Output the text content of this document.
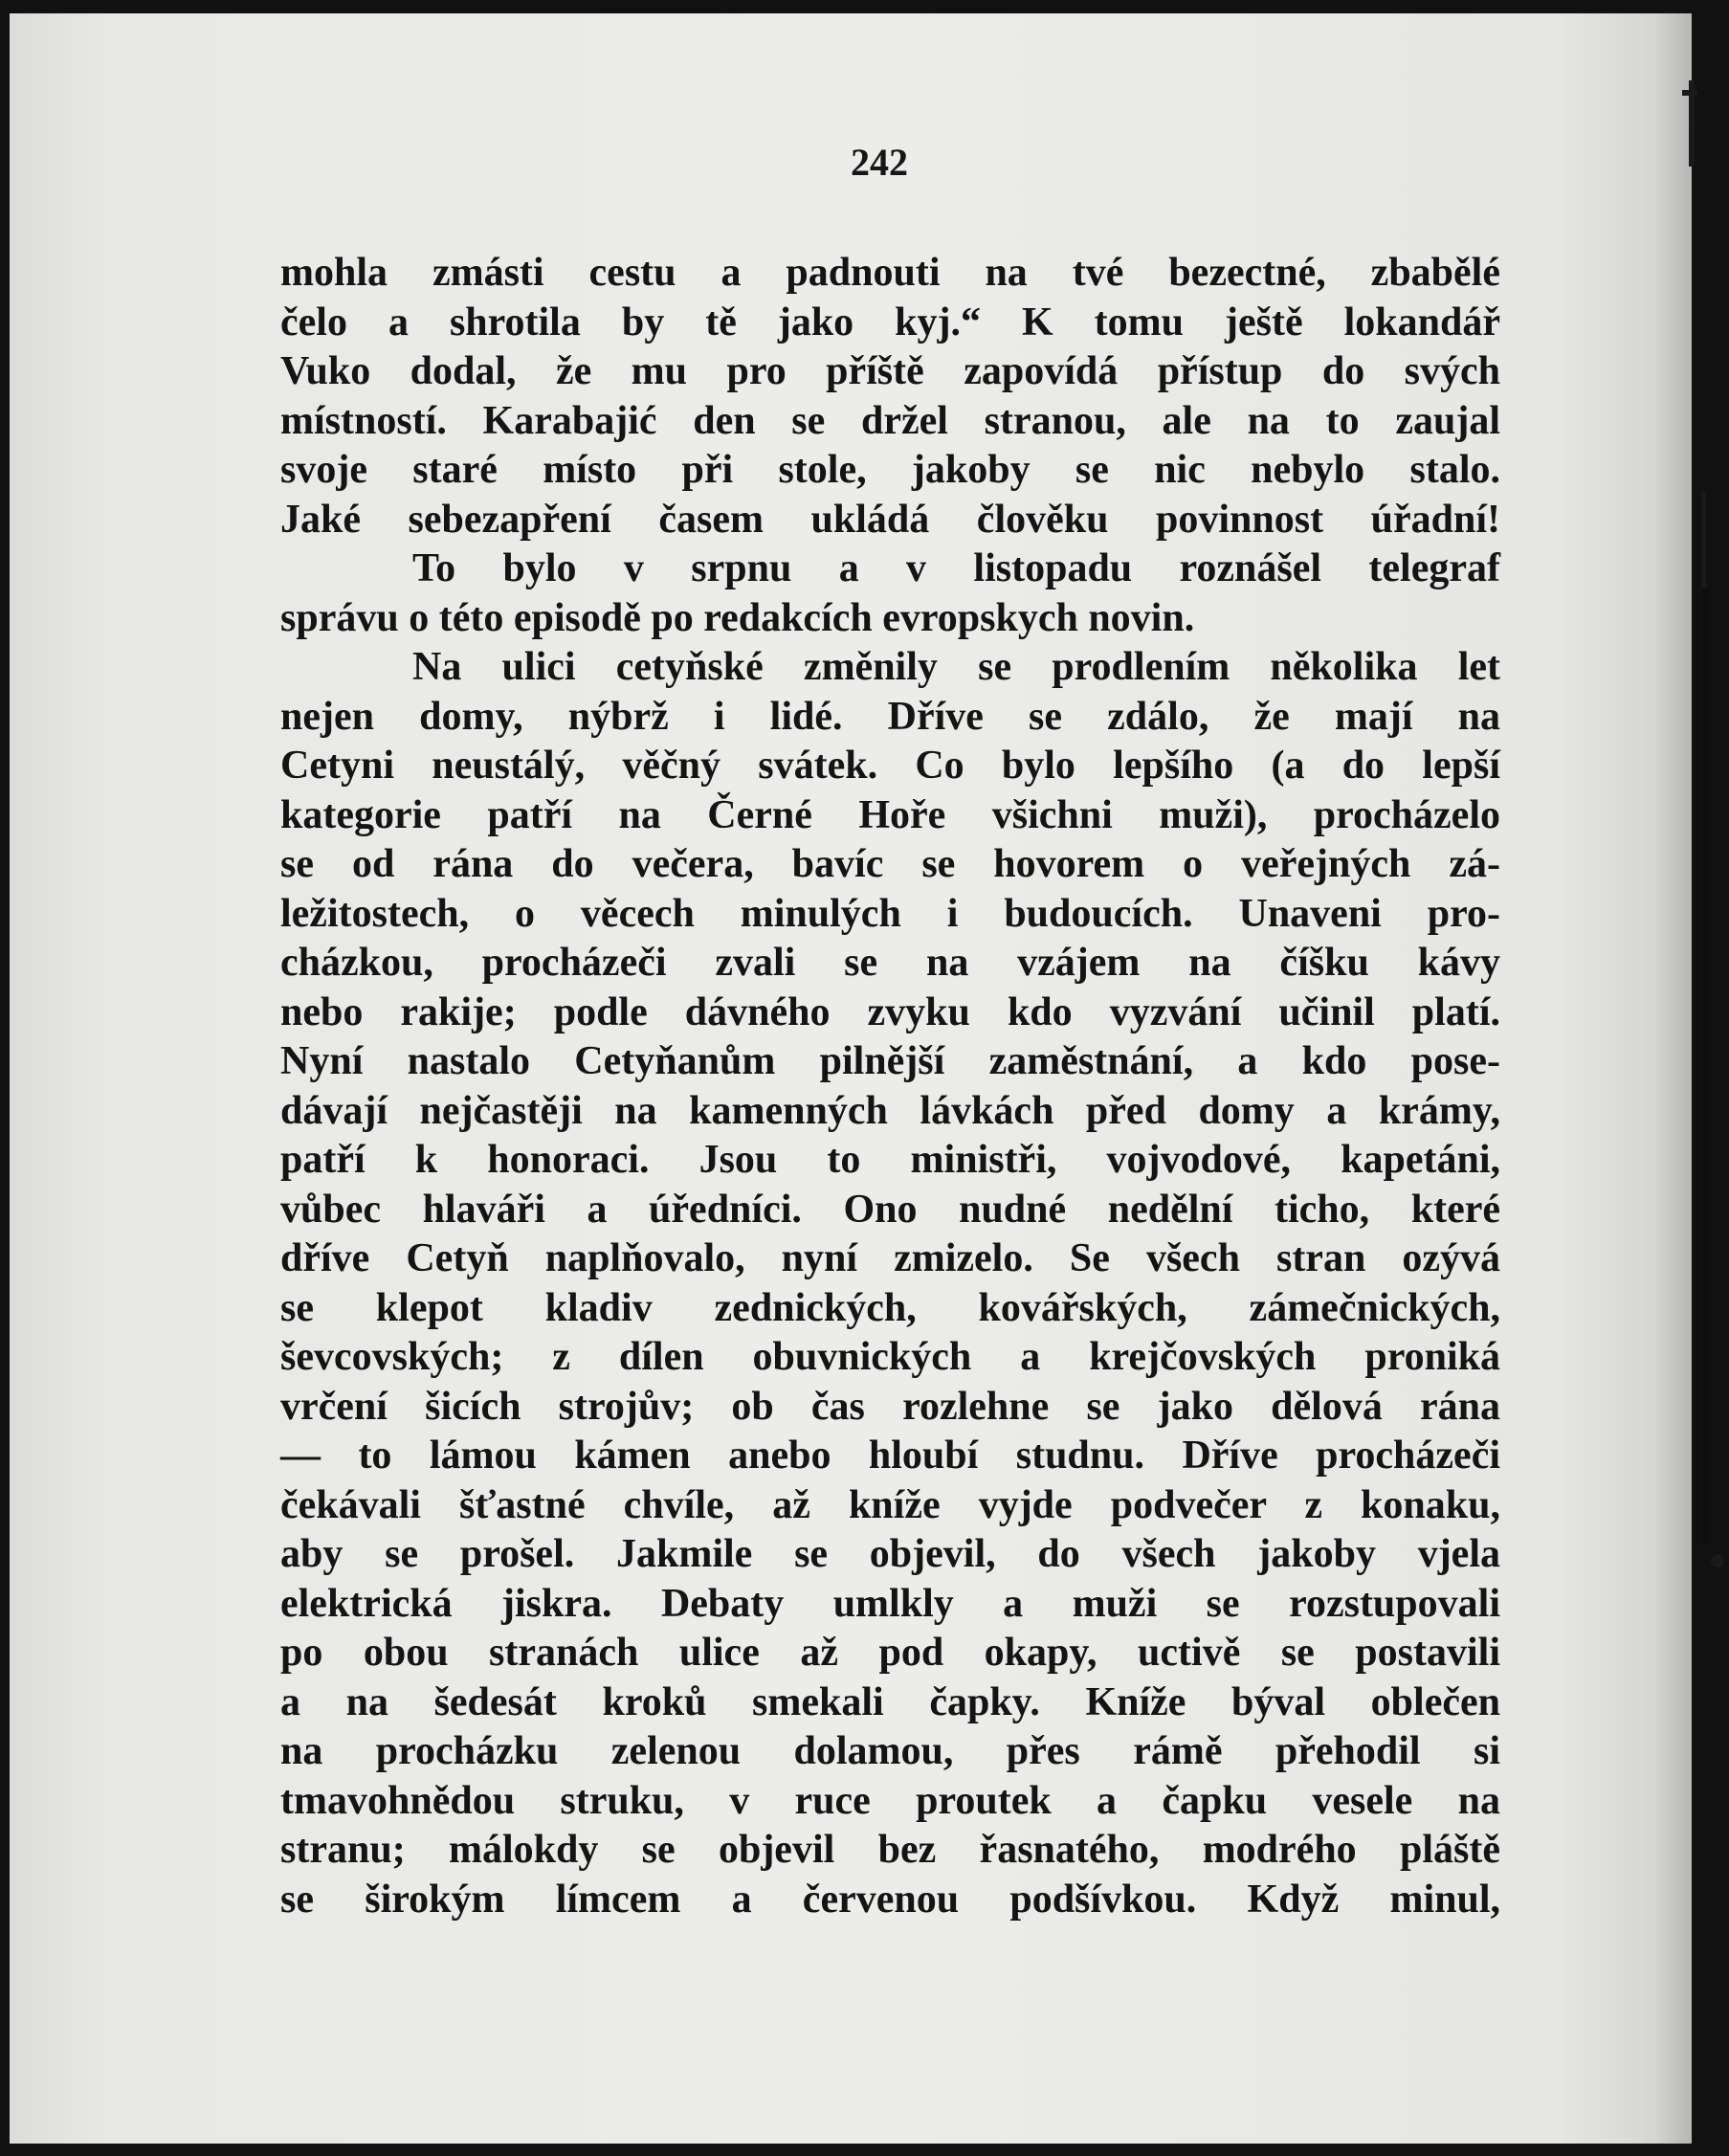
242
mohla zmásti cestu a padnouti na tvé bezectné, zbabělé
čelo a shrotila by tě jako kyj.“ K tomu ještě lokandář
Vuko dodal, že mu pro příště zapovídá přístup do svých
místností. Karabajić den se držel stranou, ale na to zaujal
svoje staré místo při stole, jakoby se nic nebylo stalo.
Jaké sebezapření časem ukládá člověku povinnost úřadní!
To bylo v srpnu a v listopadu roznášel telegraf
správu o této episodě po redakcích evropskych novin.
Na ulici cetyňské změnily se prodlením několika let
nejen domy, nýbrž i lidé. Dříve se zdálo, že mají na
Cetyni neustálý, věčný svátek. Co bylo lepšího (a do lepší
kategorie patří na Černé Hoře všichni muži), procházelo
se od rána do večera, bavíc se hovorem o veřejných zá-
ležitostech, o věcech minulých i budoucích. Unaveni pro-
cházkou, procházeči zvali se na vzájem na číšku kávy
nebo rakije; podle dávného zvyku kdo vyzvání učinil platí.
Nyní nastalo Cetyňanům pilnější zaměstnání, a kdo pose-
dávají nejčastěji na kamenných lávkách před domy a krámy,
patří k honoraci. Jsou to ministři, vojvodové, kapetáni,
vůbec hlaváři a úředníci. Ono nudné nedělní ticho, které
dříve Cetyň naplňovalo, nyní zmizelo. Se všech stran ozývá
se klepot kladiv zednických, kovářských, zámečnických,
ševcovských; z dílen obuvnických a krejčovských proniká
vrčení šicích strojův; ob čas rozlehne se jako dělová rána
— to lámou kámen anebo hloubí studnu. Dříve procházeči
čekávali šťastné chvíle, až kníže vyjde podvečer z konaku,
aby se prošel. Jakmile se objevil, do všech jakoby vjela
elektrická jiskra. Debaty umlkly a muži se rozstupovali
po obou stranách ulice až pod okapy, uctivě se postavili
a na šedesát kroků smekali čapky. Kníže býval oblečen
na procházku zelenou dolamou, přes rámě přehodil si
tmavohnědou struku, v ruce proutek a čapku vesele na
stranu; málokdy se objevil bez řasnatého, modrého pláště
se širokým límcem a červenou podšívkou. Když minul,
